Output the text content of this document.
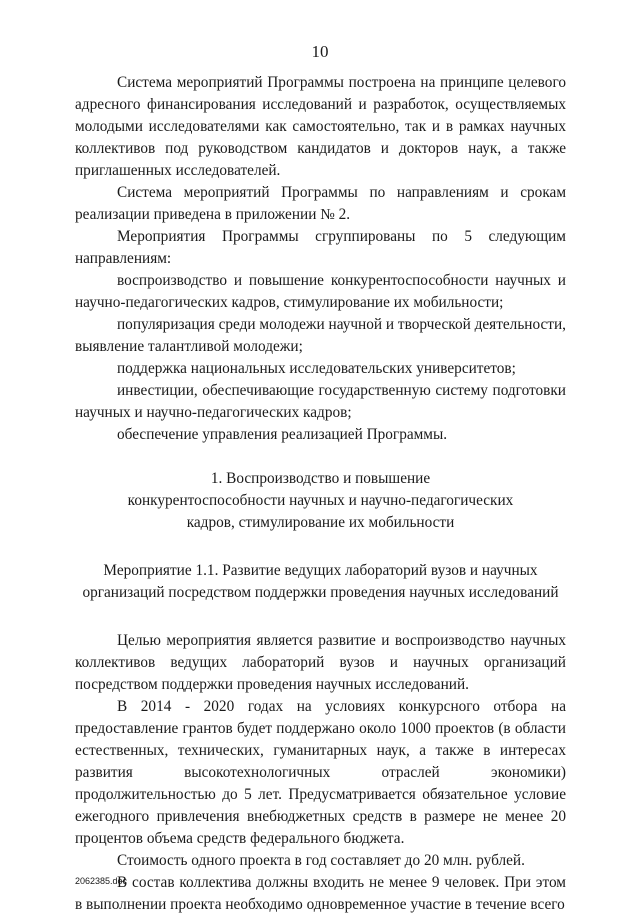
10

Система мероприятий Программы построена на принципе целевого адресного финансирования исследований и разработок, осуществляемых молодыми исследователями как самостоятельно, так и в рамках научных коллективов под руководством кандидатов и докторов наук, а также приглашенных исследователей.

Система мероприятий Программы по направлениям и срокам реализации приведена в приложении № 2.

Мероприятия Программы сгруппированы по 5 следующим направлениям:

воспроизводство и повышение конкурентоспособности научных и научно-педагогических кадров, стимулирование их мобильности;

популяризация среди молодежи научной и творческой деятельности, выявление талантливой молодежи;

поддержка национальных исследовательских университетов;

инвестиции, обеспечивающие государственную систему подготовки научных и научно-педагогических кадров;

обеспечение управления реализацией Программы.

1. Воспроизводство и повышение

конкурентоспособности научных и научно-педагогических

кадров, стимулирование их мобильности

Мероприятие 1.1. Развитие ведущих лабораторий вузов и научных

организаций посредством поддержки проведения научных исследований

Целью мероприятия является развитие и воспроизводство научных коллективов ведущих лабораторий вузов и научных организаций посредством поддержки проведения научных исследований.

В 2014 - 2020 годах на условиях конкурсного отбора на предоставление грантов будет поддержано около 1000 проектов (в области естественных, технических, гуманитарных наук, а также в интересах развития высокотехнологичных отраслей экономики) продолжительностью до 5 лет. Предусматривается обязательное условие ежегодного привлечения внебюджетных средств в размере не менее 20 процентов объема средств федерального бюджета.

Стоимость одного проекта в год составляет до 20 млн. рублей.

В состав коллектива должны входить не менее 9 человек. При этом в выполнении проекта необходимо одновременное участие в течение всего

2062385.doc
